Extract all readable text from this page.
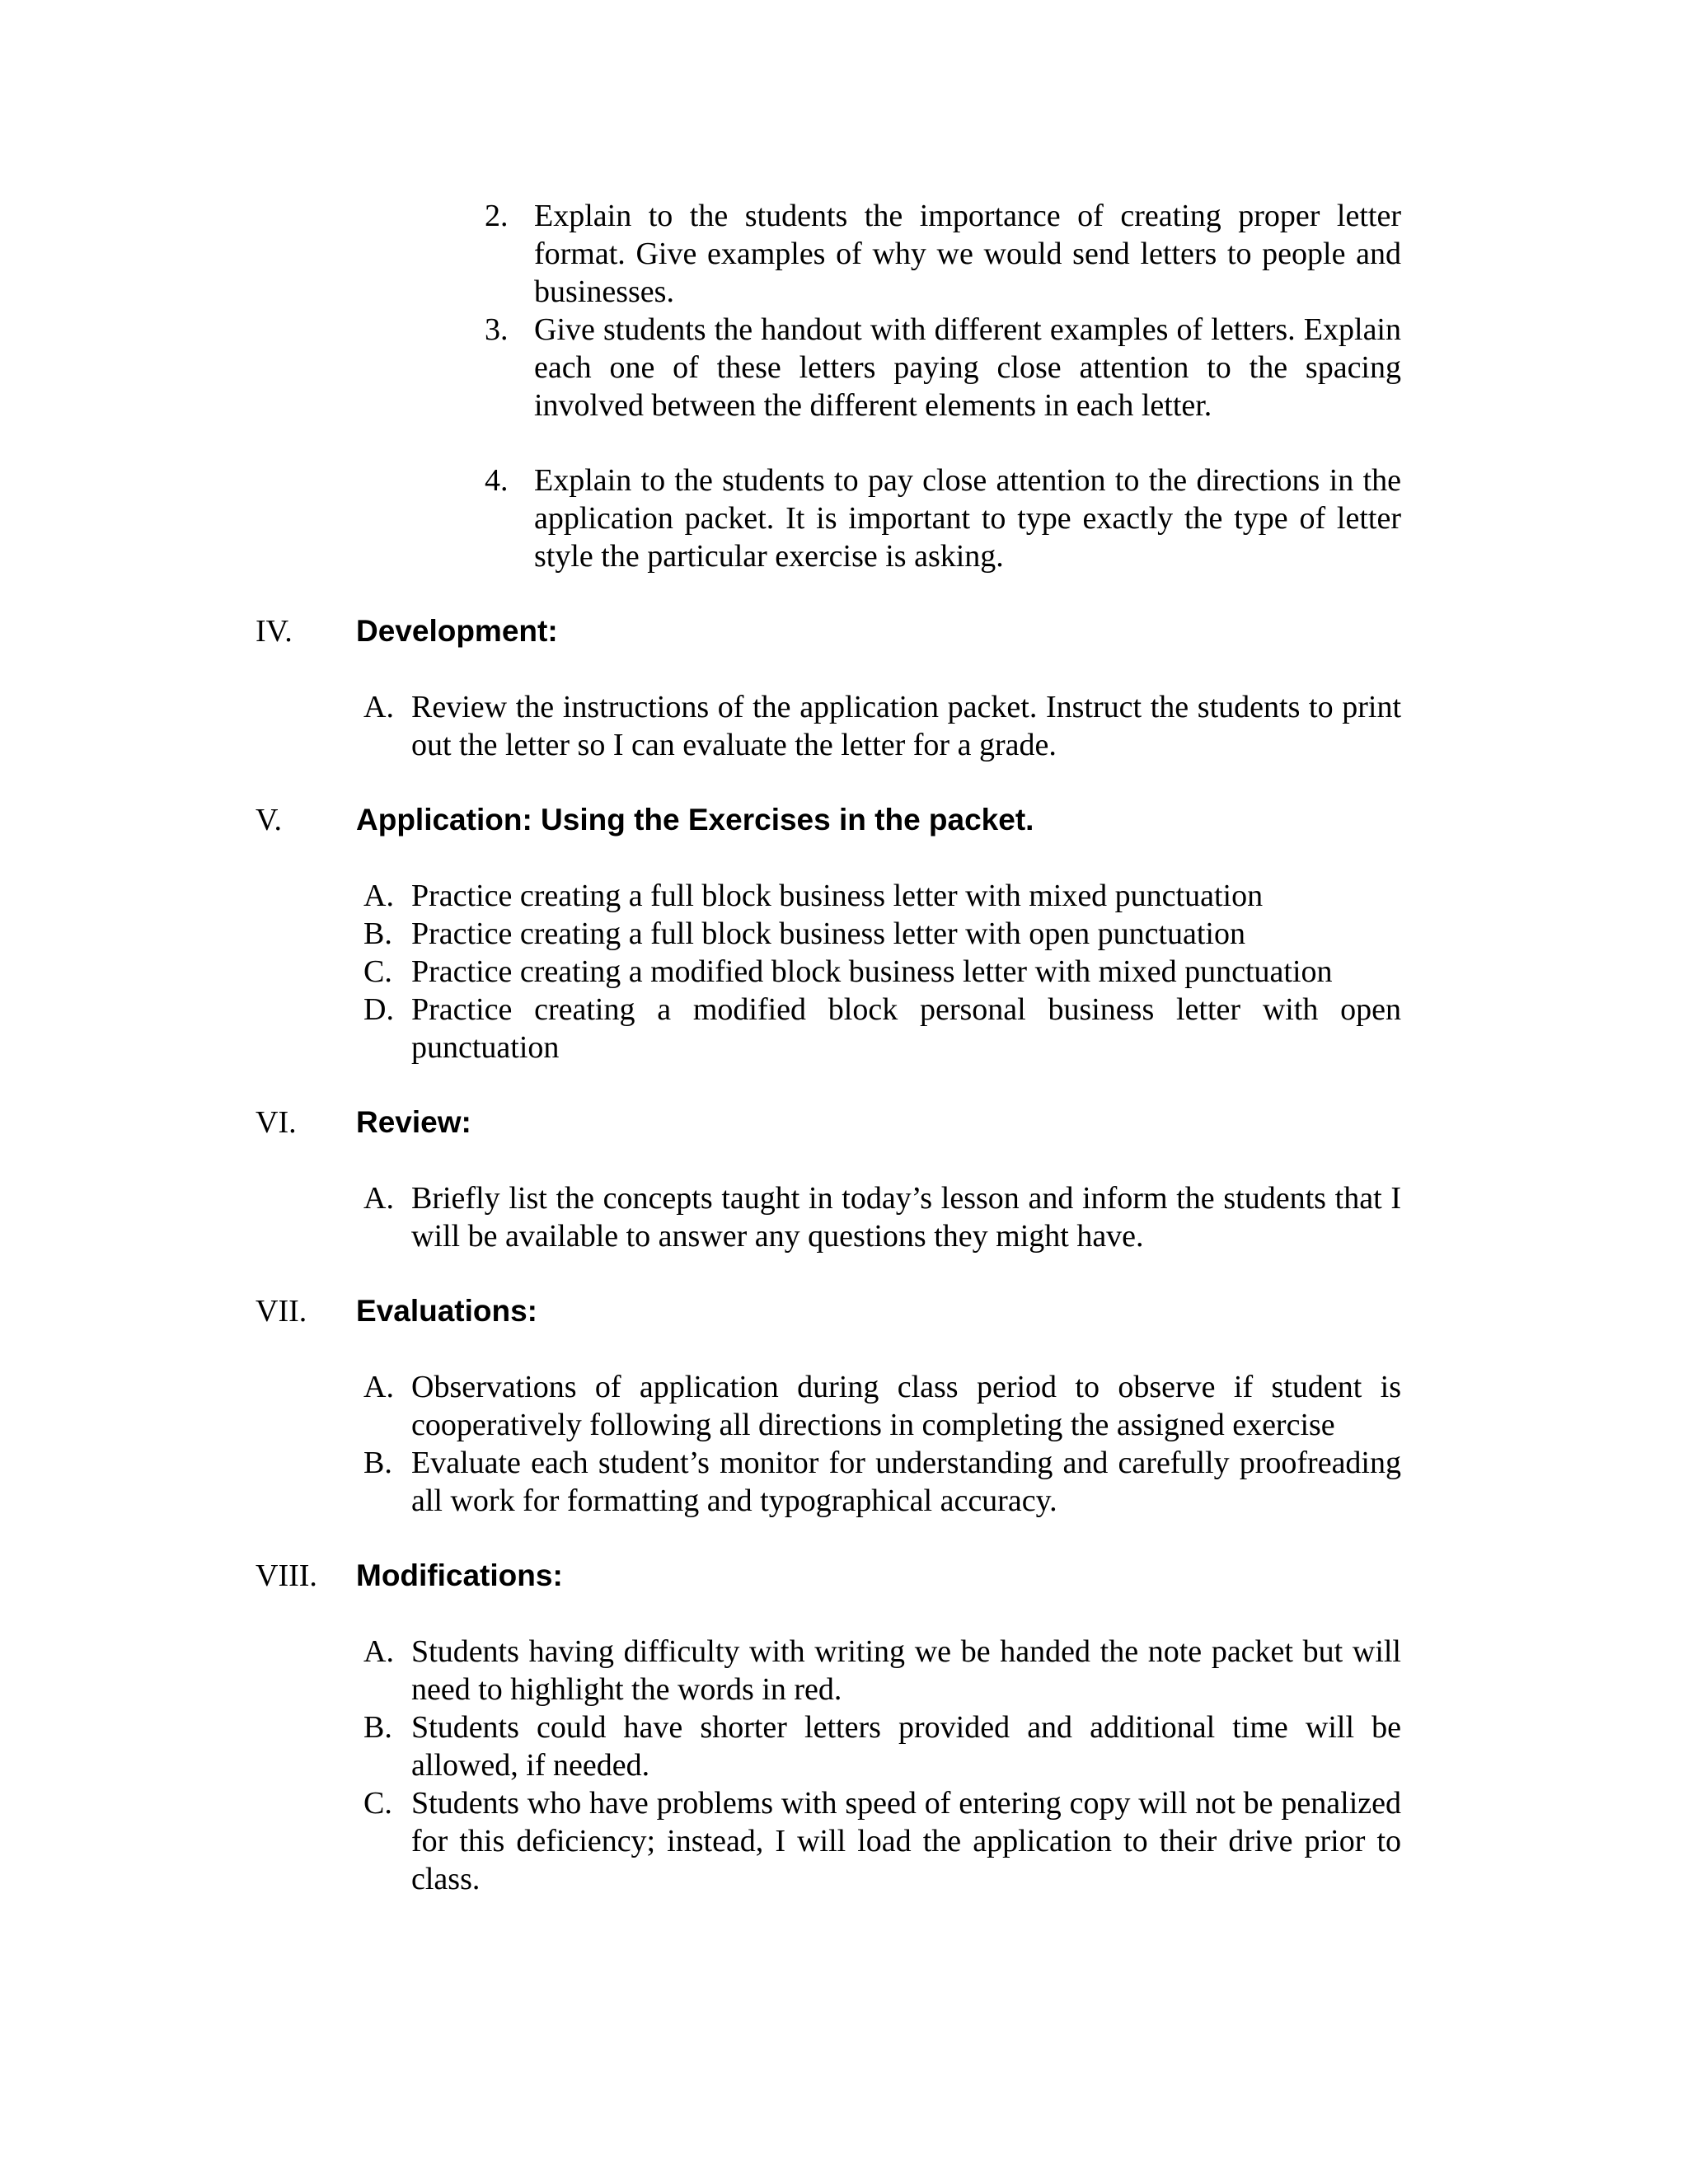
2. Explain to the students the importance of creating proper letter format. Give examples of why we would send letters to people and businesses.
3. Give students the handout with different examples of letters. Explain each one of these letters paying close attention to the spacing involved between the different elements in each letter.
4. Explain to the students to pay close attention to the directions in the application packet. It is important to type exactly the type of letter style the particular exercise is asking.
IV. Development:
A. Review the instructions of the application packet. Instruct the students to print out the letter so I can evaluate the letter for a grade.
V. Application: Using the Exercises in the packet.
A. Practice creating a full block business letter with mixed punctuation
B. Practice creating a full block business letter with open punctuation
C. Practice creating a modified block business letter with mixed punctuation
D. Practice creating a modified block personal business letter with open punctuation
VI. Review:
A. Briefly list the concepts taught in today’s lesson and inform the students that I will be available to answer any questions they might have.
VII. Evaluations:
A. Observations of application during class period to observe if student is cooperatively following all directions in completing the assigned exercise
B. Evaluate each student’s monitor for understanding and carefully proofreading all work for formatting and typographical accuracy.
VIII. Modifications:
A. Students having difficulty with writing we be handed the note packet but will need to highlight the words in red.
B. Students could have shorter letters provided and additional time will be allowed, if needed.
C. Students who have problems with speed of entering copy will not be penalized for this deficiency; instead, I will load the application to their drive prior to class.
